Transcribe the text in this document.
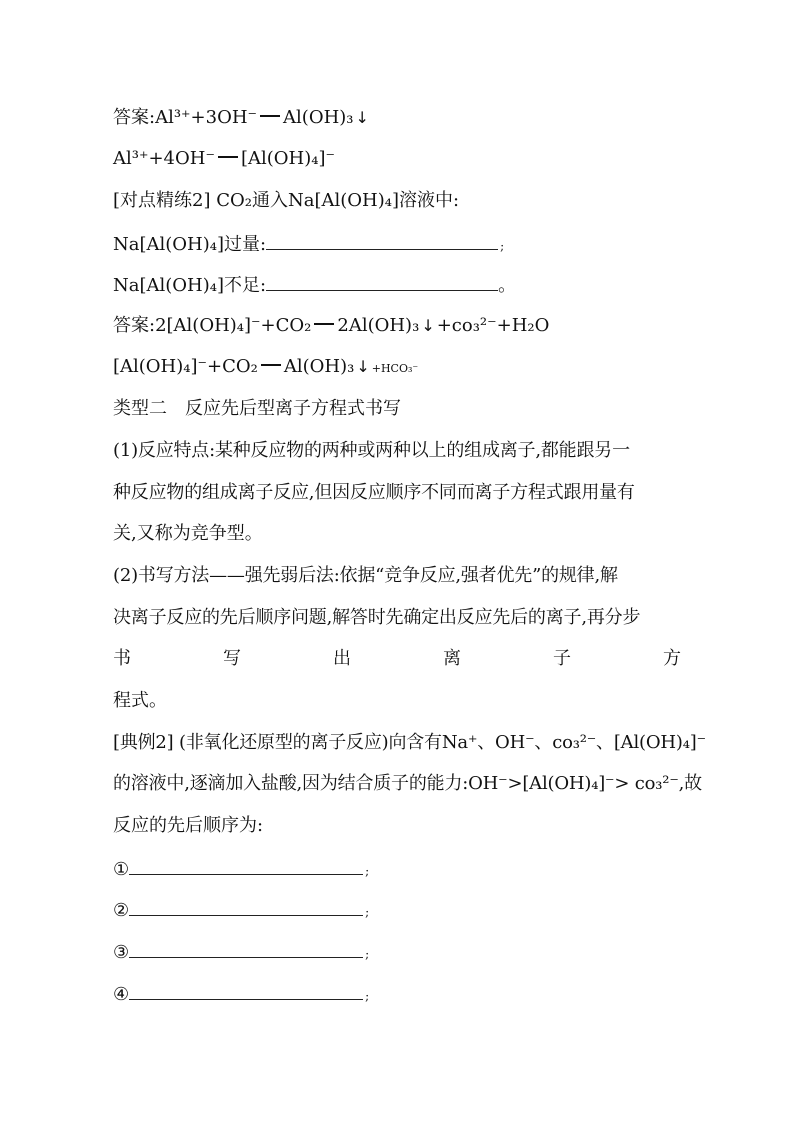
答案:Al³⁺+3OH⁻ Al(OH)₃ ↓
Al³⁺+4OH⁻ [Al(OH)₄]⁻
[对点精练2] CO₂通入Na[Al(OH)₄]溶液中:
Na[Al(OH)₄]过量:	;
Na[Al(OH)₄]不足:	。
答案:2[Al(OH)₄]⁻+CO₂ 2Al(OH)₃ ↓ +co₃²⁻+H₂O
[Al(OH)₄]⁻+CO₂ Al(OH)₃ ↓ +HCO₃⁻
类型二　反应先后型离子方程式书写
(1)反应特点:某种反应物的两种或两种以上的组成离子,都能跟另一
种反应物的组成离子反应,但因反应顺序不同而离子方程式跟用量有
关,又称为竞争型。
(2)书写方法——强先弱后法:依据“竞争反应,强者优先”的规律,解
决离子反应的先后顺序问题,解答时先确定出反应先后的离子,再分步
书	写	出	离	子	方
程式。
[典例2] (非氧化还原型的离子反应)向含有Na⁺、OH⁻、co₃²⁻、[Al(OH)₄]⁻
的溶液中,逐滴加入盐酸,因为结合质子的能力:OH⁻>[Al(OH)₄]⁻> co₃²⁻,故
反应的先后顺序为:
①	;
②	;
③	;
④	;
